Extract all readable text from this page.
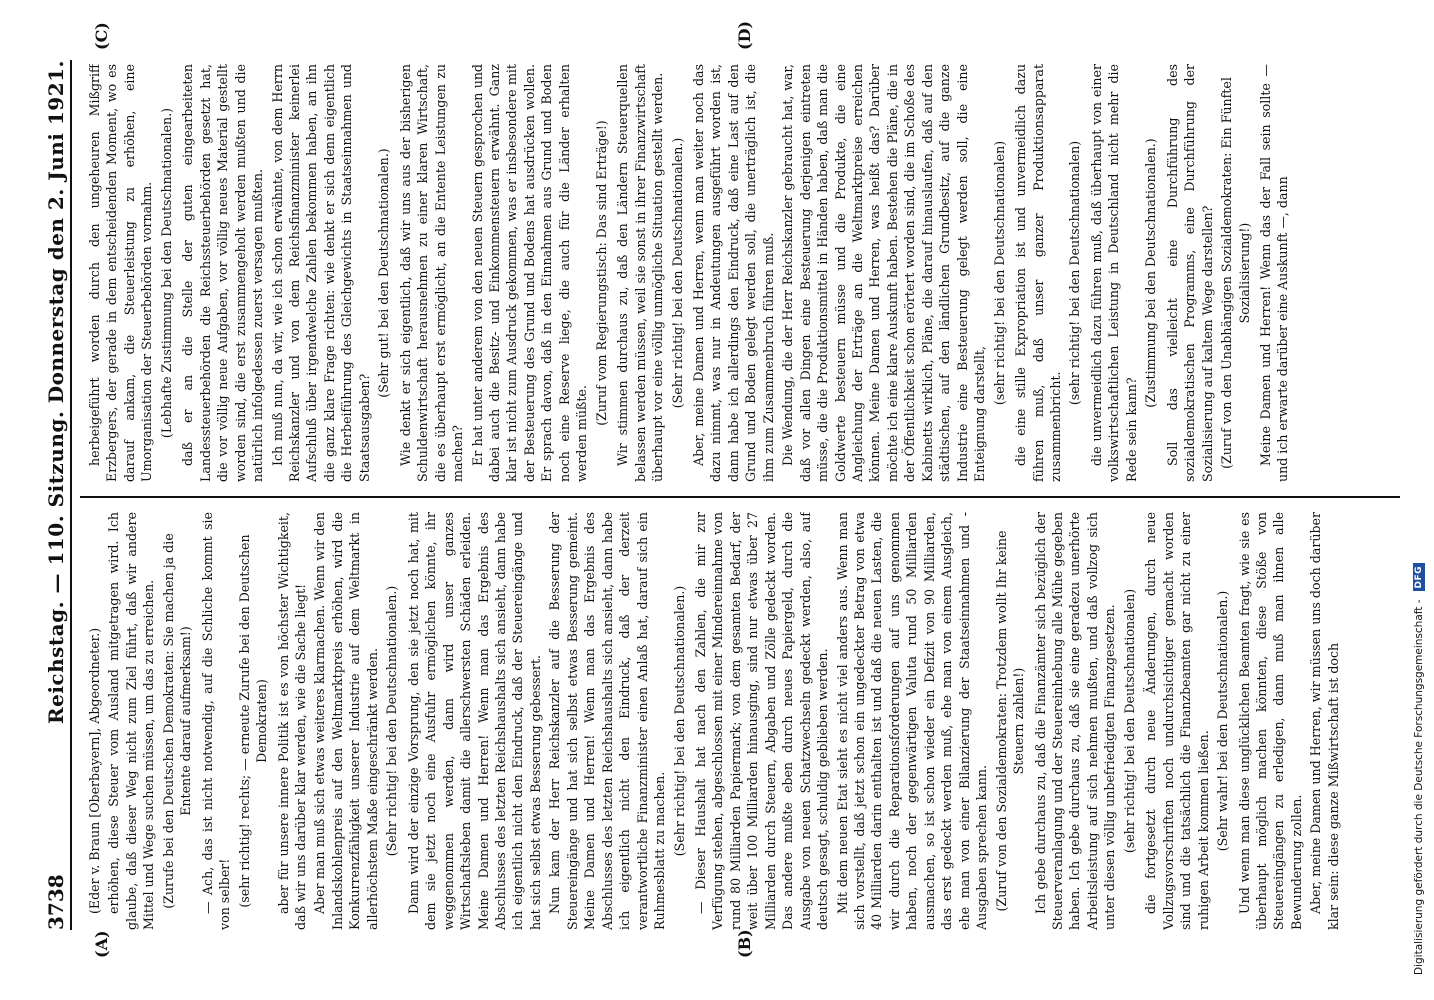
3738
Reichstag. — 110. Sitzung. Donnerstag den 2. Juni 1921.
(A)	(B)
(C)	(D)

(Eder v. Braun [Oberbayern], Abgeordneter.) erhöhen, diese Steuer vom Ausland mitgetragen wird. Ich glaube, daß dieser Weg nicht zum Ziel führt, daß wir andere Mittel und Wege suchen müssen, um das zu erreichen. (Zurufe bei den Deutschen Demokraten: Sie machen ja die Entente darauf aufmerksam!) — Ach, das ist nicht notwendig, auf die Schliche kommt sie von selber! (sehr richtig! rechts; — erneute Zurufe bei den Deutschen Demokraten) aber für unsere innere Politik ist es von höchster Wichtigkeit, daß wir uns darüber klar werden, wie die Sache liegt! Aber man muß sich etwas weiteres klarmachen. Wenn wir den Inlandskohlenpreis auf den Weltmarktpreis erhöhen, wird die Konkurrenzfähigkeit unserer Industrie auf dem Weltmarkt in allerhöchstem Maße eingeschränkt werden. (Sehr richtig! bei den Deutschnationalen.) Dann wird der einzige Vorsprung, den sie jetzt noch hat, mit dem sie jetzt noch eine Ausfuhr ermöglichen könnte, ihr weggenommen werden, dann wird unser ganzes Wirtschaftsleben damit die allerschwersten Schäden erleiden. Meine Damen und Herren! Wenn man das Ergebnis des Abschlusses des letzten Reichshaushalts sich ansieht, dann habe ich eigentlich nicht den Eindruck, daß der Steuereingänge und hat sich selbst etwas Besserung gebessert. Nun kam der Herr Reichskanzler auf die Besserung der Steuereingänge und hat sich selbst etwas Besserung gemeint. Meine Damen und Herren! Wenn man das Ergebnis des Abschlusses des letzten Reichshaushalts sich ansieht, dann habe ich eigentlich nicht den Eindruck, daß der derzeit verantwortliche Finanzminister einen Anlaß hat, darauf sich ein Ruhmesblatt zu machen. (Sehr richtig! bei den Deutschnationalen.) — Dieser Haushalt hat nach den Zahlen, die mir zur Verfügung stehen, abgeschlossen mit einer Mindereinnahme von rund 80 Milliarden Papiermark; von dem gesamten Bedarf, der weit über 100 Milliarden hinausging, sind nur etwas über 27 Milliarden durch Steuern, Abgaben und Zölle gedeckt worden. Das andere mußte eben durch neues Papiergeld, durch die Ausgabe von neuen Schatzwechseln gedeckt werden, also, auf deutsch gesagt, schuldig geblieben werden. Mit dem neuen Etat sieht es nicht viel anders aus. Wenn man sich vorstellt, daß jetzt schon ein ungedeckter Betrag von etwa 40 Milliarden darin enthalten ist und daß die neuen Lasten, die wir durch die Reparationsforderungen auf uns genommen haben, noch der gegenwärtigen Valuta rund 50 Milliarden ausmachen, so ist schon wieder ein Defizit von 90 Milliarden, das erst gedeckt werden muß, ehe man von einem Ausgleich, ehe man von einer Bilanzierung der Staatseinnahmen und -Ausgaben sprechen kann. (Zuruf von den Sozialdemokraten: Trotzdem wollt Ihr keine Steuern zahlen!) Ich gebe durchaus zu, daß die Finanzämter sich bezüglich der Steuerveranlagung und der Steuereinhebung alle Mühe gegeben haben. Ich gebe durchaus zu, daß sie eine geradezu unerhörte Arbeitsleistung auf sich nehmen mußten, und daß vollzog sich unter diesen völlig unbefriedigten Finanzgesetzen. (sehr richtig! bei den Deutschnationalen) die fortgesetzt durch neue Änderungen, durch neue Vollzugsvorschriften noch undurchsichtiger gemacht worden sind und die tatsächlich die Finanzbeamten gar nicht zu einer ruhigen Arbeit kommen ließen. (Sehr wahr! bei den Deutschnationalen.) Und wenn man diese unglücklichen Beamten fragt, wie sie es überhaupt möglich machen könnten, diese Stöße von Steuereingängen zu erledigen, dann muß man ihnen alle Bewunderung zollen. Aber, meine Damen und Herren, wir müssen uns doch darüber klar sein: diese ganze Mißwirtschaft ist doch

herbeigeführt worden durch den ungeheuren Mißgriff Erzbergers, der gerade in dem entscheidenden Moment, wo es darauf ankam, die Steuerleistung zu erhöhen, eine Umorganisation der Steuerbehörden vornahm. (Lebhafte Zustimmung bei den Deutschnationalen.) daß er an die Stelle der guten eingearbeiteten Landessteuerbehörden die Reichssteuerbehörden gesetzt hat, die vor völlig neue Aufgaben, vor völlig neues Material gestellt worden sind, die erst zusammengeholt werden mußten und die natürlich infolgedessen zuerst versagen mußten. Ich muß nun, da wir, wie ich schon erwähnte, von dem Herrn Reichskanzler und von dem Reichsfinanzminister keinerlei Aufschluß über irgendwelche Zahlen bekommen haben, an ihn die ganz klare Frage richten: wie denkt er sich denn eigentlich die Herbeiführung des Gleichgewichts in Staatseinnahmen und Staatsausgaben?

(Sehr gut! bei den Deutschnationalen.) Wie denkt er sich eigentlich, daß wir uns aus der bisherigen Schuldenwirtschaft herausnehmen zu einer klaren Wirtschaft, die es überhaupt erst ermöglicht, an die Entente Leistungen zu machen? Er hat unter anderem von den neuen Steuern gesprochen und dabei auch die Besitz- und Einkommensteuern erwähnt. Ganz klar ist nicht zum Ausdruck gekommen, was er insbesondere mit der Besteuerung des Grund und Bodens hat ausdrücken wollen. Er sprach davon, daß in den Einnahmen aus Grund und Boden noch eine Reserve liege, die auch für die Länder erhalten werden müßte.

(Zuruf vom Regierungstisch: Das sind Erträge!) Wir stimmen durchaus zu, daß den Ländern Steuerquellen belassen werden müssen, weil sie sonst in ihrer Finanzwirtschaft überhaupt vor eine völlig unmögliche Situation gestellt werden. (Sehr richtig! bei den Deutschnationalen.) Aber, meine Damen und Herren, wenn man weiter noch das dazu nimmt, was nur in Andeutungen ausgeführt worden ist, dann habe ich allerdings den Eindruck, daß eine Last auf den Grund und Boden gelegt werden soll, die unerträglich ist, die ihm zum Zusammenbruch führen muß. Die Wendung, die der Herr Reichskanzler gebraucht hat, war, daß vor allen Dingen eine Besteuerung derjenigen eintreten müsse, die die Produktionsmittel in Händen haben, daß man die Goldwerte besteuern müsse und die Produkte, die eine Angleichung der Erträge an die Weltmarktpreise erreichen können. Meine Damen und Herren, was heißt das? Darüber möchte ich eine klare Auskunft haben. Bestehen die Pläne, die in der Öffentlichkeit schon erörtert worden sind, die im Schoße des Kabinetts wirklich, Pläne, die darauf hinauslaufen, daß auf den städtischen, auf den ländlichen Grundbesitz, auf die ganze Industrie eine Besteuerung gelegt werden soll, die eine Enteignung darstellt,

(sehr richtig! bei den Deutschnationalen) die eine stille Expropriation ist und unvermeidlich dazu führen muß, daß unser ganzer Produktionsapparat zusammenbricht.

(sehr richtig! bei den Deutschnationalen) die unvermeidlich dazu führen muß, daß überhaupt von einer volkswirtschaftlichen Leistung in Deutschland nicht mehr die Rede sein kann?

(Zustimmung bei den Deutschnationalen.) Soll das vielleicht eine Durchführung des sozialdemokratischen Programms, eine Durchführung der Sozialisierung auf kaltem Wege darstellen? (Zuruf von den Unabhängigen Sozialdemokraten: Ein Fünftel Sozialisierung!) Meine Damen und Herren! Wenn das der Fall sein sollte — und ich erwarte darüber eine Auskunft —, dann

Digitalisierung gefördert durch die Deutsche Forschungsgemeinschaft -
DFG
